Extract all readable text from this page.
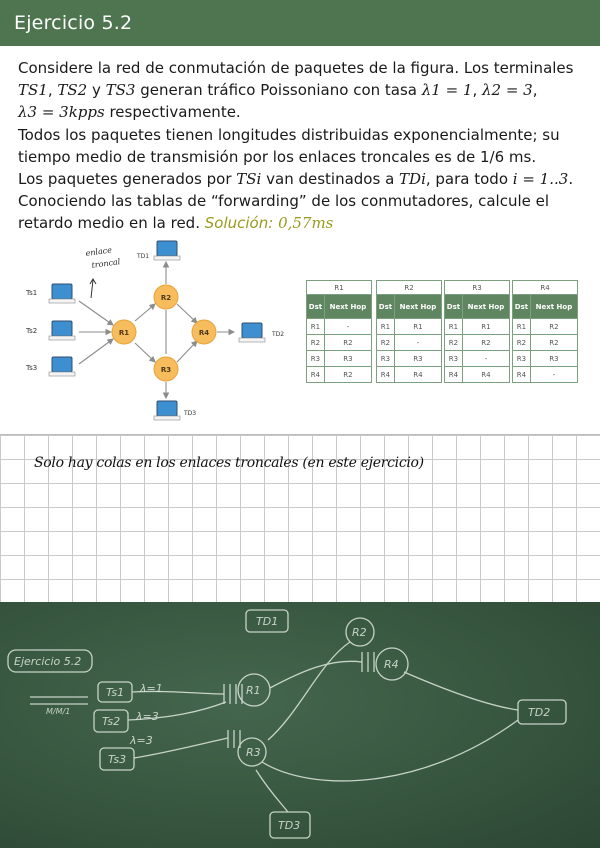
Ejercicio 5.2
Considere la red de conmutación de paquetes de la figura. Los terminales
TS1, TS2 y TS3 generan tráfico Poissoniano con tasa λ1 = 1, λ2 = 3,
λ3 = 3kpps respectivamente.
Todos los paquetes tienen longitudes distribuidas exponencialmente; su
tiempo medio de transmisión por los enlaces troncales es de 1/6 ms.
Los paquetes generados por TSi van destinados a TDi, para todo i = 1..3.
Conociendo las tablas de “forwarding” de los conmutadores, calcule el
retardo medio en la red. Solución: 0,57ms
enlace
troncal
Ts1
Ts2
Ts3
TD1
TD2
TD3
R1
R2
R3
R4
R1	
Dst	Next Hop
R1	-
R2	R2
R3	R3
R4	R2
R2	
Dst	Next Hop
R1	R1
R2	-
R3	R3
R4	R4
R3	
Dst	Next Hop
R1	R1
R2	R2
R3	-
R4	R4
R4	
Dst	Next Hop
R1	R2
R2	R2
R3	R3
R4	-
Solo hay colas en los enlaces troncales (en este ejercicio)
Ejercicio 5.2
Ts1
Ts2
Ts3
TD1
TD2
TD3
R1
R2
R3
R4
λ=1
λ=3
λ=3
M/M/1
